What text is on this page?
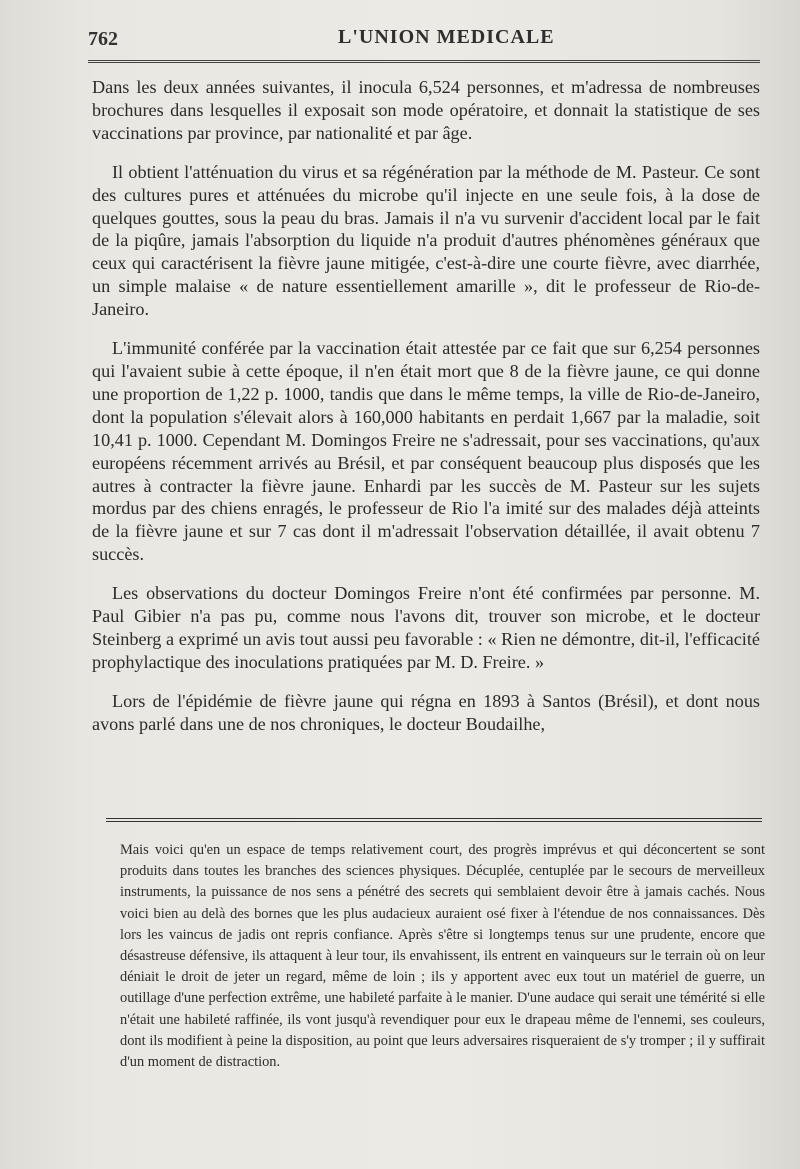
762	L'UNION MEDICALE

Dans les deux années suivantes, il inocula 6,524 personnes, et m'adressa de nombreuses brochures dans lesquelles il exposait son mode opératoire, et donnait la statistique de ses vaccinations par province, par nationalité et par âge.

Il obtient l'atténuation du virus et sa régénération par la méthode de M. Pasteur. Ce sont des cultures pures et atténuées du microbe qu'il injecte en une seule fois, à la dose de quelques gouttes, sous la peau du bras. Jamais il n'a vu survenir d'accident local par le fait de la piqûre, jamais l'absorption du liquide n'a produit d'autres phénomènes généraux que ceux qui caractérisent la fièvre jaune mitigée, c'est-à-dire une courte fièvre, avec diarrhée, un simple malaise « de nature essentiellement amarille », dit le professeur de Rio-de-Janeiro.

L'immunité conférée par la vaccination était attestée par ce fait que sur 6,254 personnes qui l'avaient subie à cette époque, il n'en était mort que 8 de la fièvre jaune, ce qui donne une proportion de 1,22 p. 1000, tandis que dans le même temps, la ville de Rio-de-Janeiro, dont la population s'élevait alors à 160,000 habitants en perdait 1,667 par la maladie, soit 10,41 p. 1000. Cependant M. Domingos Freire ne s'adressait, pour ses vaccinations, qu'aux européens récemment arrivés au Brésil, et par conséquent beaucoup plus disposés que les autres à contracter la fièvre jaune. Enhardi par les succès de M. Pasteur sur les sujets mordus par des chiens enragés, le professeur de Rio l'a imité sur des malades déjà atteints de la fièvre jaune et sur 7 cas dont il m'adressait l'observation détaillée, il avait obtenu 7 succès.

Les observations du docteur Domingos Freire n'ont été confirmées par personne. M. Paul Gibier n'a pas pu, comme nous l'avons dit, trouver son microbe, et le docteur Steinberg a exprimé un avis tout aussi peu favorable : « Rien ne démontre, dit-il, l'efficacité prophylactique des inoculations pratiquées par M. D. Freire. »

Lors de l'épidémie de fièvre jaune qui régna en 1893 à Santos (Brésil), et dont nous avons parlé dans une de nos chroniques, le docteur Boudailhe,

Mais voici qu'en un espace de temps relativement court, des progrès imprévus et qui déconcertent se sont produits dans toutes les branches des sciences physiques. Décuplée, centuplée par le secours de merveilleux instruments, la puissance de nos sens a pénétré des secrets qui semblaient devoir être à jamais cachés. Nous voici bien au delà des bornes que les plus audacieux auraient osé fixer à l'étendue de nos connaissances. Dès lors les vaincus de jadis ont repris confiance. Après s'être si longtemps tenus sur une prudente, encore que désastreuse défensive, ils attaquent à leur tour, ils envahissent, ils entrent en vainqueurs sur le terrain où on leur déniait le droit de jeter un regard, même de loin ; ils y apportent avec eux tout un matériel de guerre, un outillage d'une perfection extrême, une habileté parfaite à le manier. D'une audace qui serait une témérité si elle n'était une habileté raffinée, ils vont jusqu'à revendiquer pour eux le drapeau même de l'ennemi, ses couleurs, dont ils modifient à peine la disposition, au point que leurs adversaires risqueraient de s'y tromper ; il y suffirait d'un moment de distraction.
